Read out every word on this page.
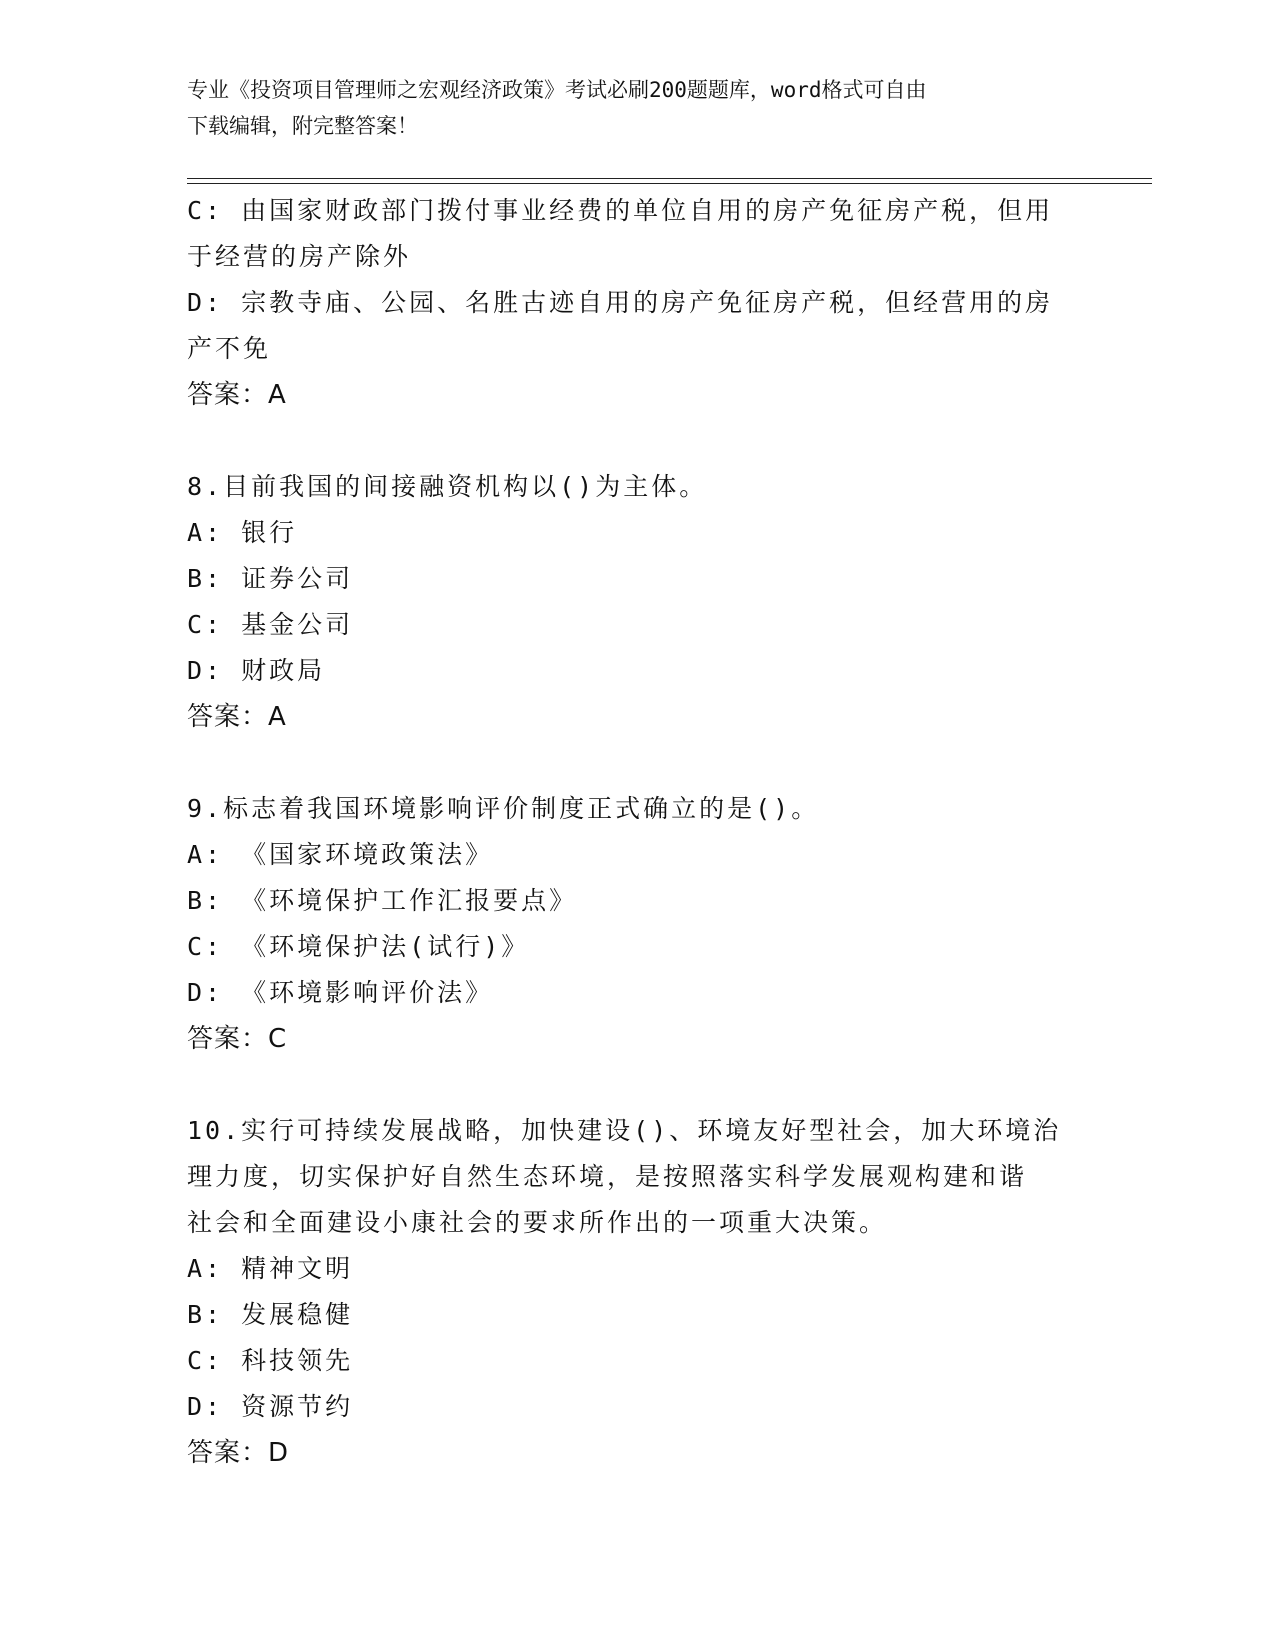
专业《投资项目管理师之宏观经济政策》考试必刷200题题库，word格式可自由
下载编辑，附完整答案！
C: 由国家财政部门拨付事业经费的单位自用的房产免征房产税，但用
于经营的房产除外
D: 宗教寺庙、公园、名胜古迹自用的房产免征房产税，但经营用的房
产不免
答案：A
8.目前我国的间接融资机构以()为主体。
A: 银行
B: 证券公司
C: 基金公司
D: 财政局
答案：A
9.标志着我国环境影响评价制度正式确立的是()。
A: 《国家环境政策法》
B: 《环境保护工作汇报要点》
C: 《环境保护法(试行)》
D: 《环境影响评价法》
答案：C
10.实行可持续发展战略，加快建设()、环境友好型社会，加大环境治
理力度，切实保护好自然生态环境，是按照落实科学发展观构建和谐
社会和全面建设小康社会的要求所作出的一项重大决策。
A: 精神文明
B: 发展稳健
C: 科技领先
D: 资源节约
答案：D
